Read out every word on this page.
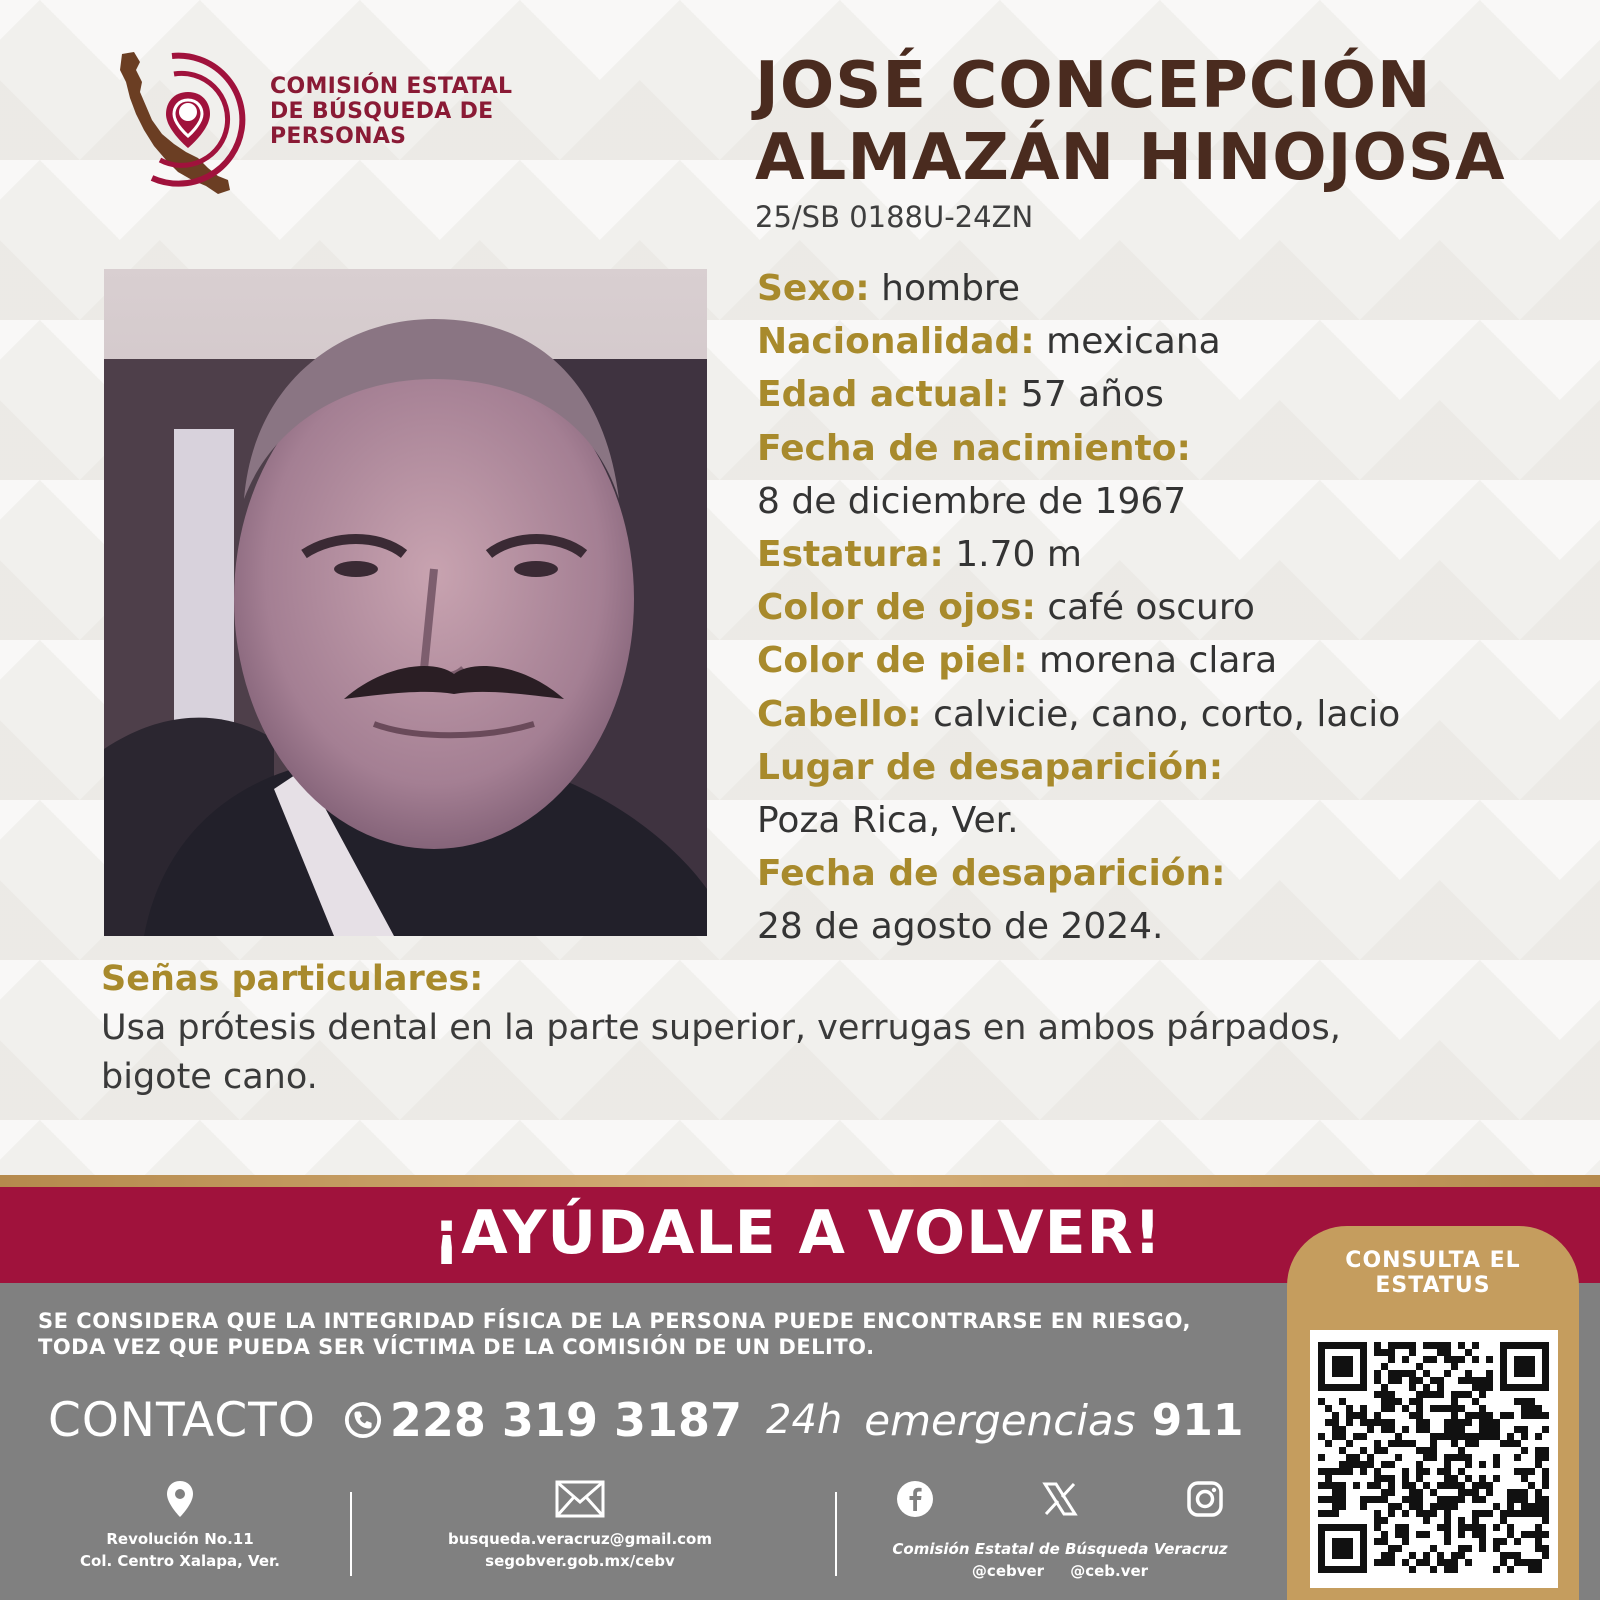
COMISIÓN ESTATAL
DE BÚSQUEDA DE
PERSONAS
JOSÉ CONCEPCIÓN
ALMAZÁN HINOJOSA
25/SB 0188U-24ZN
Sexo: hombre
Nacionalidad: mexicana
Edad actual: 57 años
Fecha de nacimiento:
8 de diciembre de 1967
Estatura: 1.70 m
Color de ojos: café oscuro
Color de piel: morena clara
Cabello: calvicie, cano, corto, lacio
Lugar de desaparición:
Poza Rica, Ver.
Fecha de desaparición:
28 de agosto de 2024.
Señas particulares:
Usa prótesis dental en la parte superior, verrugas en ambos párpados,
bigote cano.
¡AYÚDALE A VOLVER!
SE CONSIDERA QUE LA INTEGRIDAD FÍSICA DE LA PERSONA PUEDE ENCONTRARSE EN RIESGO,
TODA VEZ QUE PUEDA SER VÍCTIMA DE LA COMISIÓN DE UN DELITO.
CONTACTO 228 319 3187 24h emergencias 911
Revolución No.11
Col. Centro Xalapa, Ver.
busqueda.veracruz@gmail.com
segobver.gob.mx/cebv
Comisión Estatal de Búsqueda Veracruz
@cebver @ceb.ver
CONSULTA EL
ESTATUS
